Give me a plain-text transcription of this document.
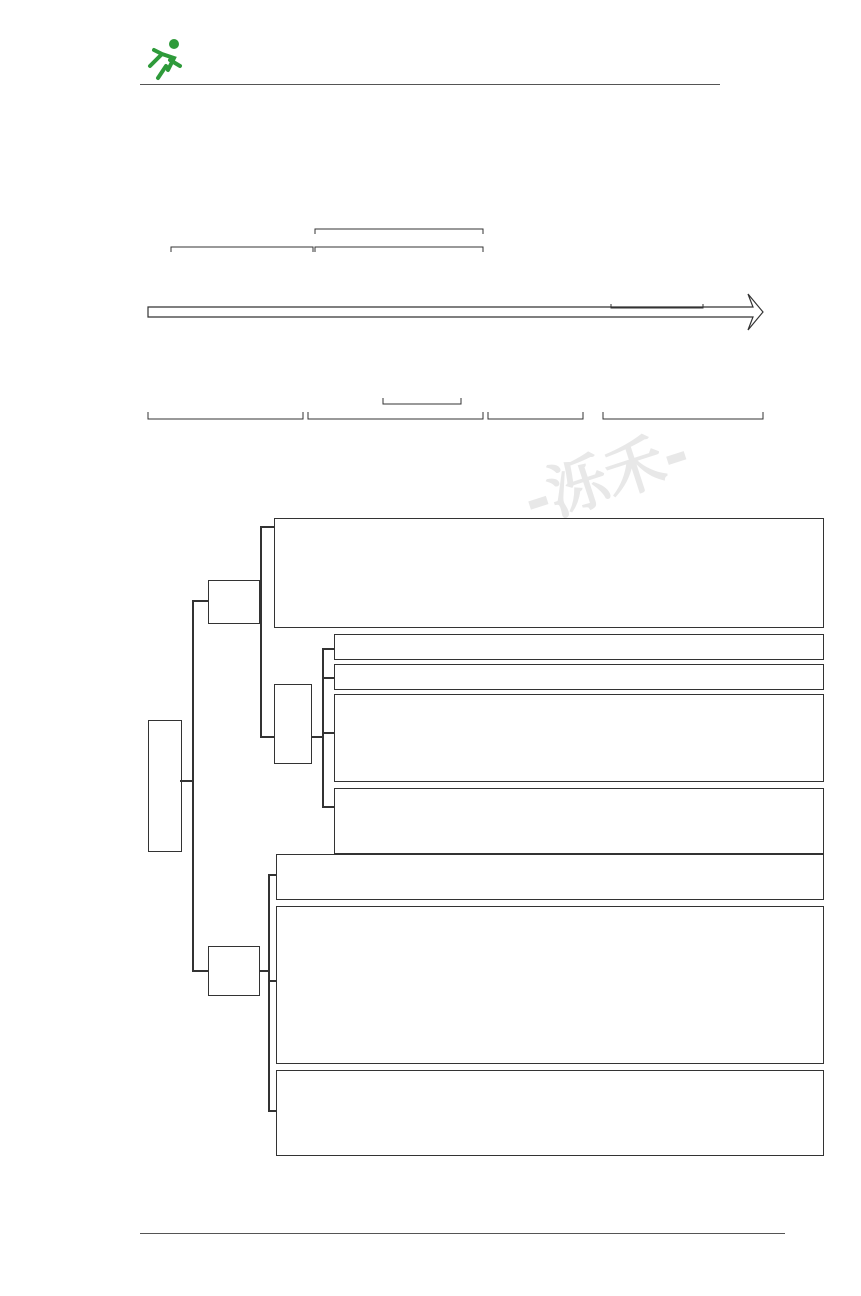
-泺禾-
